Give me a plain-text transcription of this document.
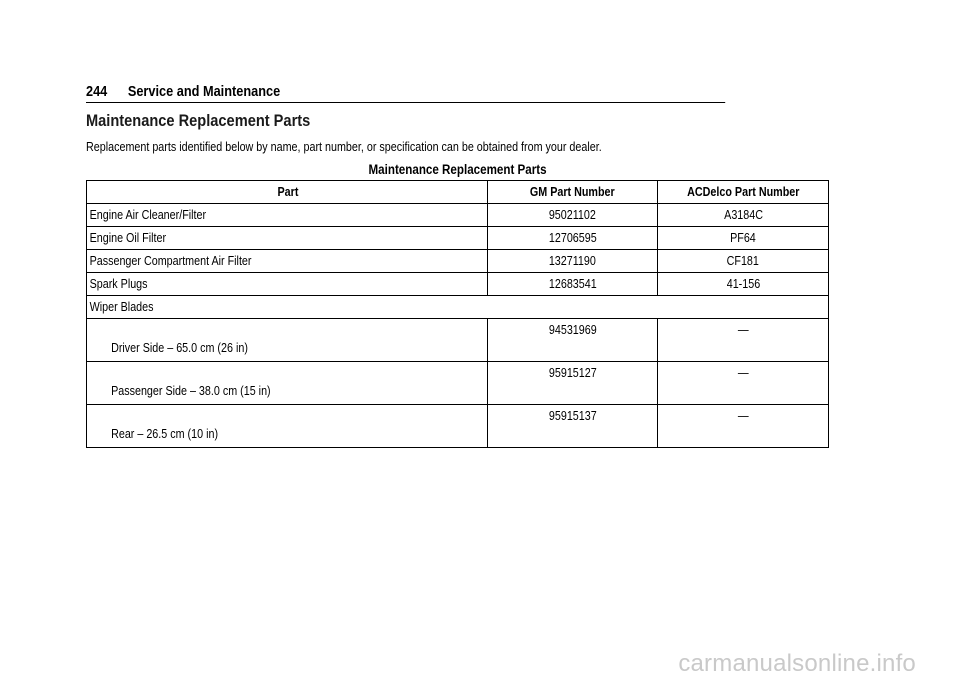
244 Service and Maintenance
Maintenance Replacement Parts
Replacement parts identified below by name, part number, or specification can be obtained from your dealer.
Maintenance Replacement Parts
Part	GM Part Number	ACDelco Part Number
Engine Air Cleaner/Filter	95021102	A3184C
Engine Oil Filter	12706595	PF64
Passenger Compartment Air Filter	13271190	CF181
Spark Plugs	12683541	41-156
Wiper Blades		
Driver Side – 65.0 cm (26 in)	94531969	—
Passenger Side – 38.0 cm (15 in)	95915127	—
Rear – 26.5 cm (10 in)	95915137	—
carmanualsonline.info
